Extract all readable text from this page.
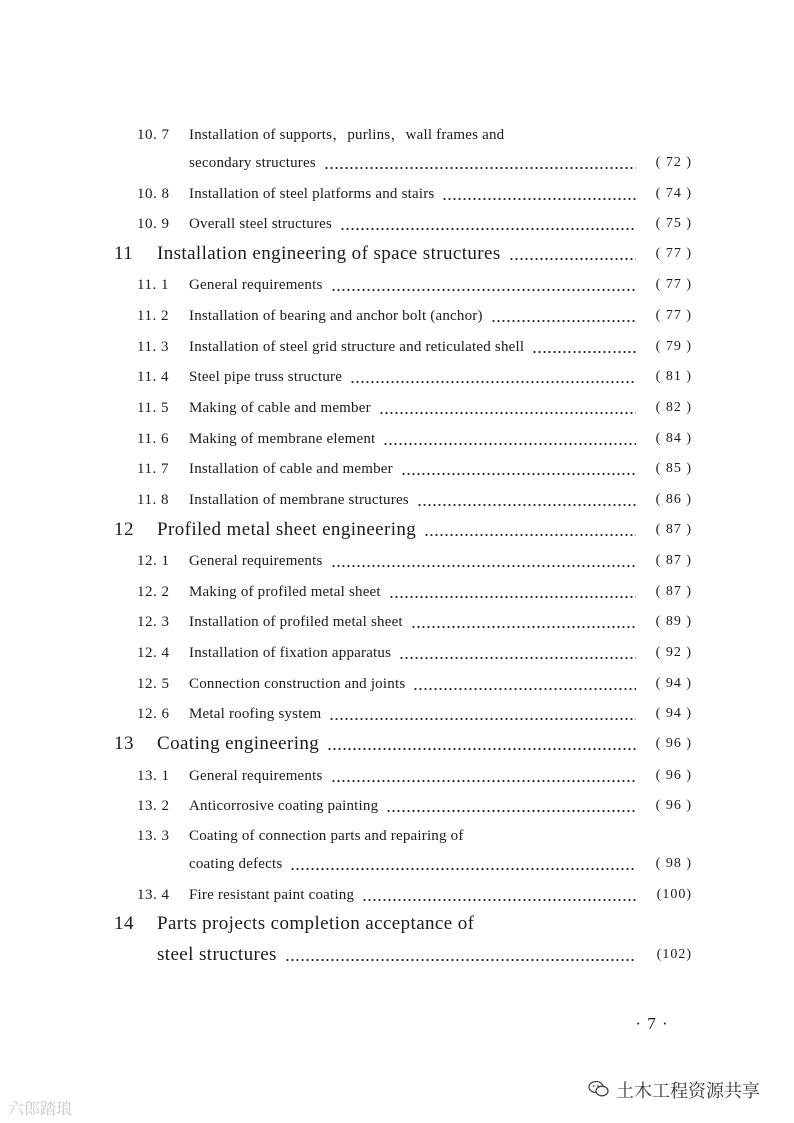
10. 7 Installation of supports，purlins，wall frames and
secondary structures	( 72 )
10. 8 Installation of steel platforms and stairs	( 74 )
10. 9 Overall steel structures	( 75 )
11 Installation engineering of space structures	( 77 )
11. 1 General requirements	( 77 )
11. 2 Installation of bearing and anchor bolt (anchor)	( 77 )
11. 3 Installation of steel grid structure and reticulated shell	( 79 )
11. 4 Steel pipe truss structure	( 81 )
11. 5 Making of cable and member	( 82 )
11. 6 Making of membrane element	( 84 )
11. 7 Installation of cable and member	( 85 )
11. 8 Installation of membrane structures	( 86 )
12 Profiled metal sheet engineering	( 87 )
12. 1 General requirements	( 87 )
12. 2 Making of profiled metal sheet	( 87 )
12. 3 Installation of profiled metal sheet	( 89 )
12. 4 Installation of fixation apparatus	( 92 )
12. 5 Connection construction and joints	( 94 )
12. 6 Metal roofing system	( 94 )
13 Coating engineering	( 96 )
13. 1 General requirements	( 96 )
13. 2 Anticorrosive coating painting	( 96 )
13. 3 Coating of connection parts and repairing of
coating defects	( 98 )
13. 4 Fire resistant paint coating	(100)
14 Parts projects completion acceptance of
steel structures	(102)
· 7 ·
土木工程资源共享
六郎踏琅
